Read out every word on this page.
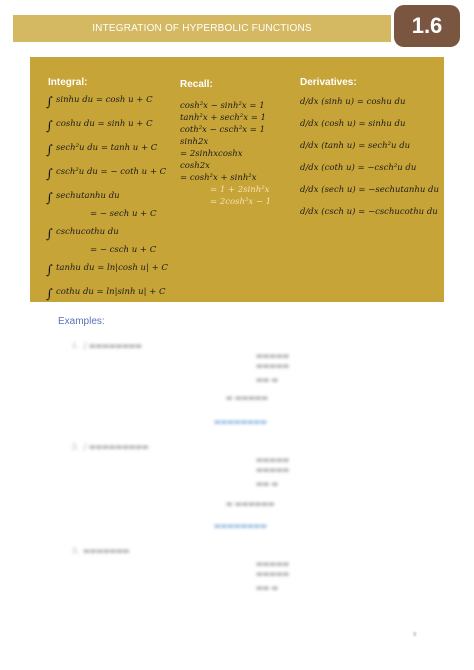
INTEGRATION OF HYPERBOLIC FUNCTIONS	1.6
Integral:	Recall:	Derivatives:
∫ sinhu du = cosh u + C
∫ coshu du = sinh u + C
∫ sech²u du = tanh u + C
∫ csch²u du = − coth u + C
∫ sechutanhu du
= − sech u + C
∫ cschucothu du
= − csch u + C
∫ tanhu du = ln|cosh u| + C
∫ cothu du = ln|sinh u| + C
cosh²x − sinh²x = 1
tanh²x + sech²x = 1
coth²x − csch²x = 1
sinh2x
= 2sinhxcoshx
cosh2x
= cosh²x + sinh²x
= 1 + 2sinh²x
= 2cosh²x − 1
d/dx (sinh u) = coshu du
d/dx (cosh u) = sinhu du
d/dx (tanh u) = sech²u du
d/dx (coth u) = −csch²u du
d/dx (sech u) = −sechutanhu du
d/dx (csch u) = −cschucothu du
Examples:
1.  ∫ ▬▬▬▬▬▬▬▬
▬▬▬▬▬
▬▬▬▬▬
▬▬ ▬
▬ ▬▬▬▬▬
▬▬▬▬▬▬▬▬
2.  ∫ ▬▬▬▬▬▬▬▬▬
▬▬▬▬▬
▬▬▬▬▬
▬▬ ▬
▬ ▬▬▬▬▬▬
▬▬▬▬▬▬▬▬
3.  ▬▬▬▬▬▬▬
▬▬▬▬▬
▬▬▬▬▬
▬▬ ▬
9
